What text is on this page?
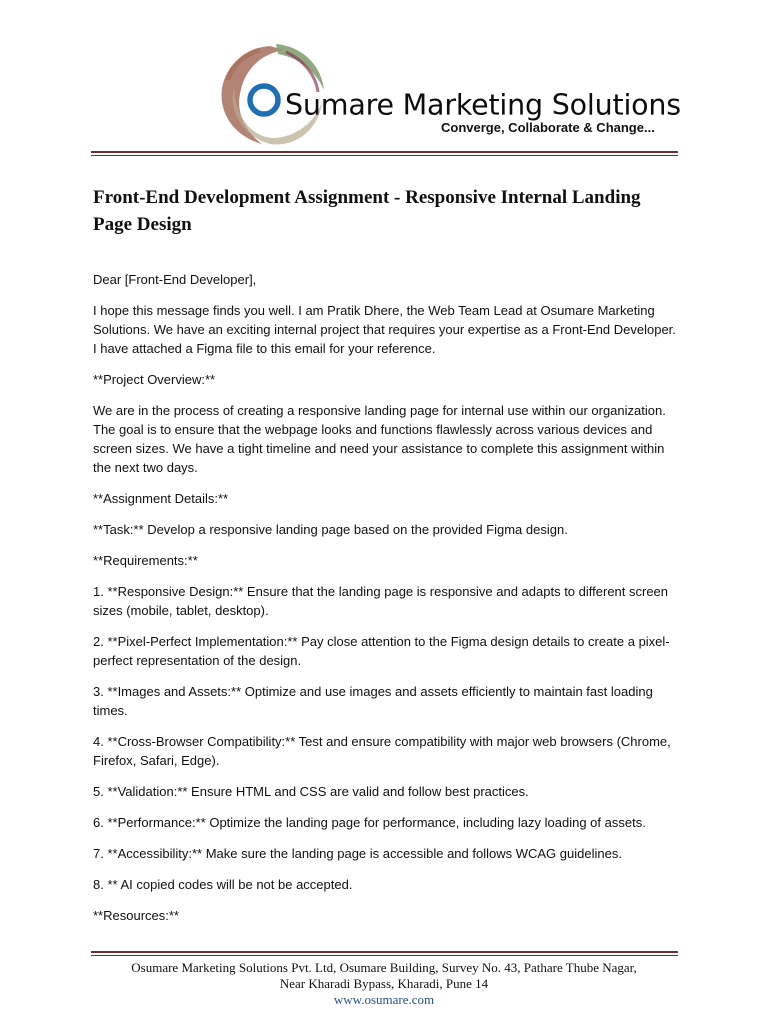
Sumare Marketing Solutions
Converge, Collaborate & Change...
Front-End Development Assignment - Responsive Internal Landing Page Design

Dear [Front-End Developer],

I hope this message finds you well. I am Pratik Dhere, the Web Team Lead at Osumare Marketing Solutions. We have an exciting internal project that requires your expertise as a Front-End Developer. I have attached a Figma file to this email for your reference.

**Project Overview:**

We are in the process of creating a responsive landing page for internal use within our organization. The goal is to ensure that the webpage looks and functions flawlessly across various devices and screen sizes. We have a tight timeline and need your assistance to complete this assignment within the next two days.

**Assignment Details:**

**Task:** Develop a responsive landing page based on the provided Figma design.

**Requirements:**

1. **Responsive Design:** Ensure that the landing page is responsive and adapts to different screen sizes (mobile, tablet, desktop).

2. **Pixel-Perfect Implementation:** Pay close attention to the Figma design details to create a pixel-perfect representation of the design.

3. **Images and Assets:** Optimize and use images and assets efficiently to maintain fast loading times.

4. **Cross-Browser Compatibility:** Test and ensure compatibility with major web browsers (Chrome, Firefox, Safari, Edge).

5. **Validation:** Ensure HTML and CSS are valid and follow best practices.

6. **Performance:** Optimize the landing page for performance, including lazy loading of assets.

7. **Accessibility:** Make sure the landing page is accessible and follows WCAG guidelines.

8. ** AI copied codes will be not be accepted.

**Resources:**

Osumare Marketing Solutions Pvt. Ltd, Osumare Building, Survey No. 43, Pathare Thube Nagar,
Near Kharadi Bypass, Kharadi, Pune 14
www.osumare.com
